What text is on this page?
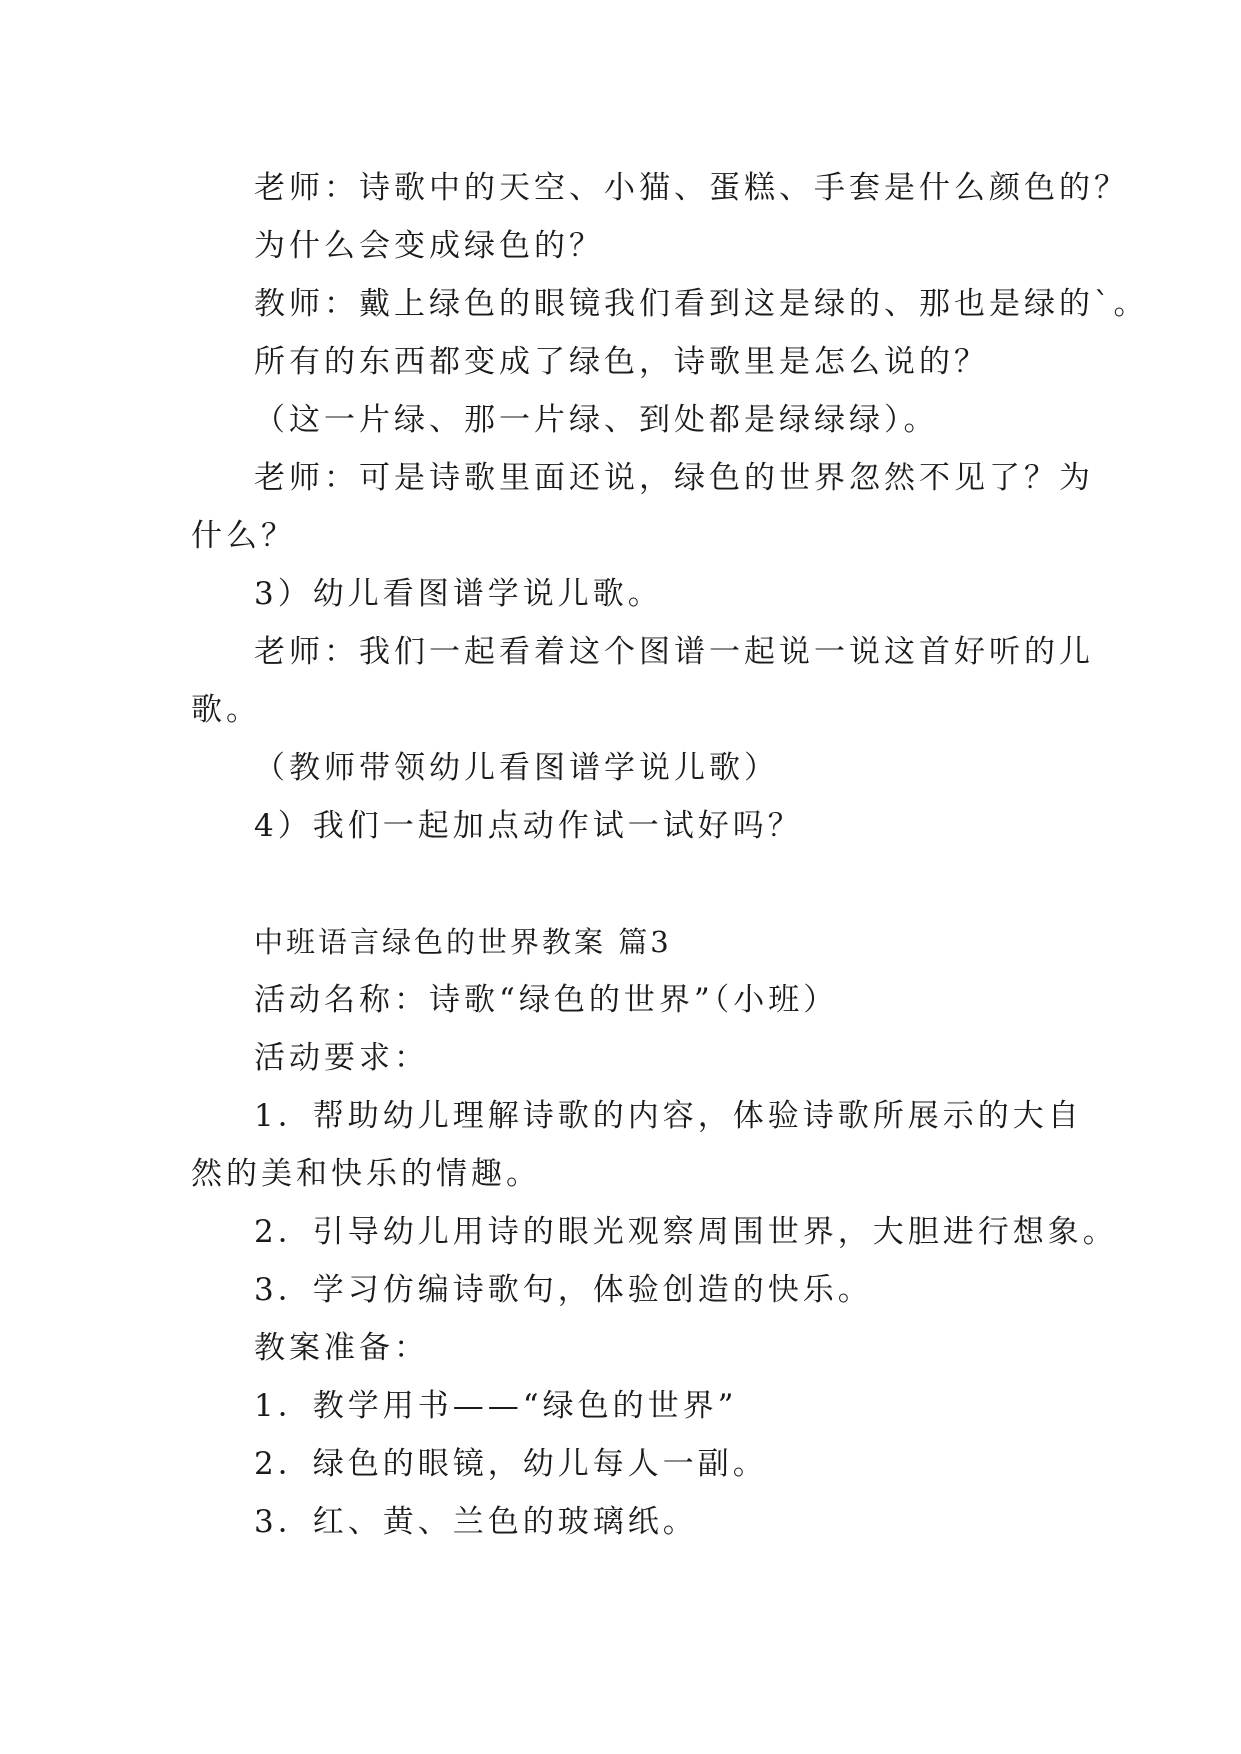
老师：诗歌中的天空、小猫、蛋糕、手套是什么颜色的？
为什么会变成绿色的？
教师：戴上绿色的眼镜我们看到这是绿的、那也是绿的`。
所有的东西都变成了绿色，诗歌里是怎么说的？
（这一片绿、那一片绿、到处都是绿绿绿）。
老师：可是诗歌里面还说，绿色的世界忽然不见了？为
什么？
3）幼儿看图谱学说儿歌。
老师：我们一起看着这个图谱一起说一说这首好听的儿
歌。
（教师带领幼儿看图谱学说儿歌）
4）我们一起加点动作试一试好吗？
中班语言绿色的世界教案 篇3
活动名称：诗歌“绿色的世界”（小班）
活动要求：
1．帮助幼儿理解诗歌的内容，体验诗歌所展示的大自
然的美和快乐的情趣。
2．引导幼儿用诗的眼光观察周围世界，大胆进行想象。
3．学习仿编诗歌句，体验创造的快乐。
教案准备：
1．教学用书——“绿色的世界”
2．绿色的眼镜，幼儿每人一副。
3．红、黄、兰色的玻璃纸。
